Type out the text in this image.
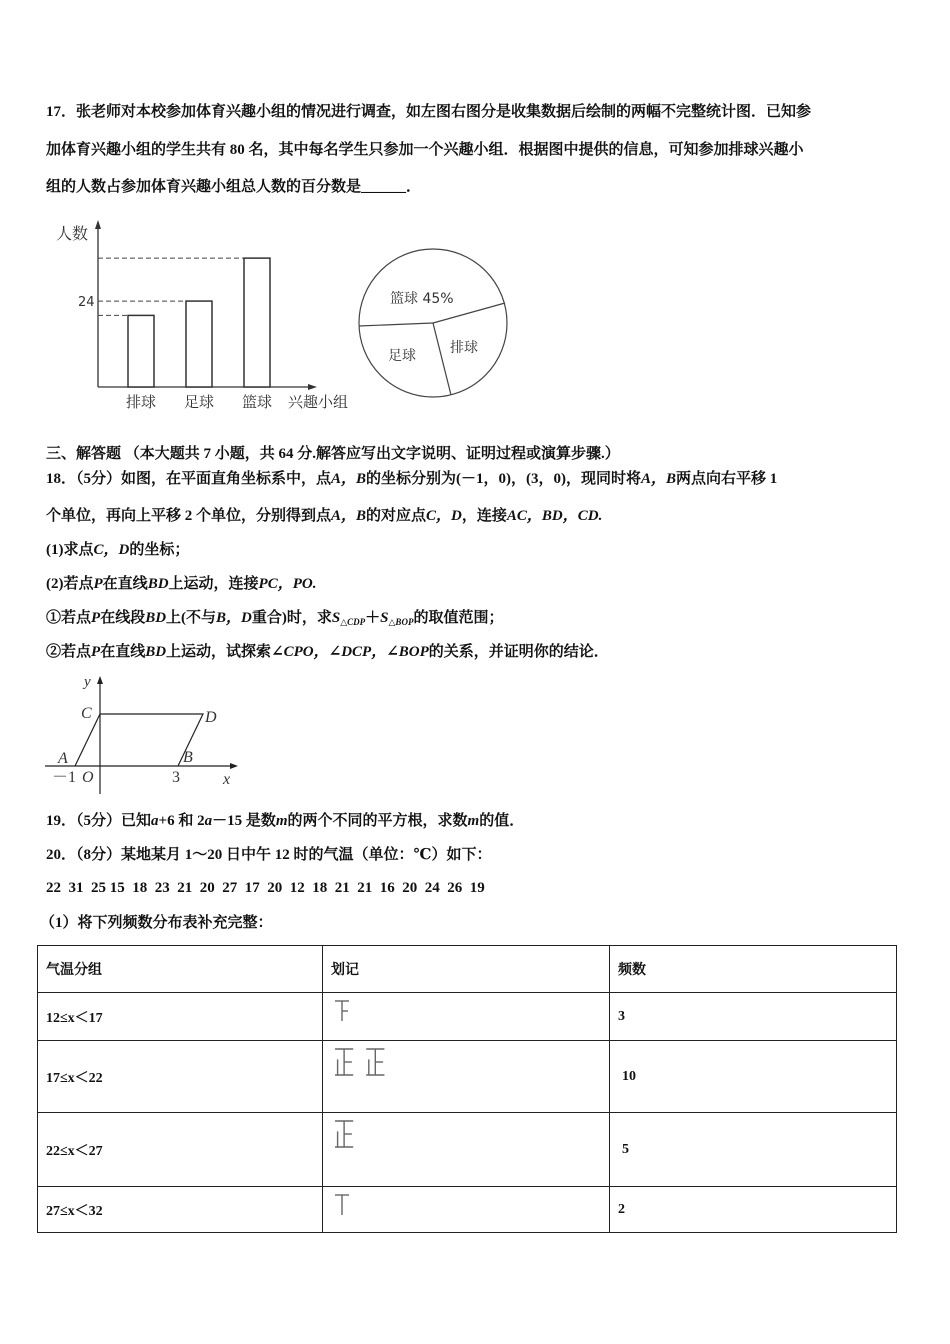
17．张老师对本校参加体育兴趣小组的情况进行调查，如左图右图分是收集数据后绘制的两幅不完整统计图．已知参
加体育兴趣小组的学生共有 80 名，其中每名学生只参加一个兴趣小组．根据图中提供的信息，可知参加排球兴趣小
组的人数占参加体育兴趣小组总人数的百分数是______．
人数
兴趣小组
排球 足球 篮球
24	篮球 45%
排球
足球
三、解答题 （本大题共 7 小题，共 64 分.解答应写出文字说明、证明过程或演算步骤.）
18．（5分）如图，在平面直角坐标系中，点A，B的坐标分别为(－1，0)，(3，0)，现同时将A，B两点向右平移 1
个单位，再向上平移 2 个单位，分别得到点A，B的对应点C，D，连接AC，BD，CD.
(1)求点C，D的坐标；
(2)若点P在直线BD上运动，连接PC，PO.
①若点P在线段BD上(不与B，D重合)时，求$S_{\triangle CDP}+S_{\triangle BOP}$的取值范围；
②若点P在直线BD上运动，试探索∠CPO，∠DCP，∠BOP的关系，并证明你的结论．
y
C	D
A	B
－1 O	3	x
19．（5分）已知a+6 和 2a－15 是数m的两个不同的平方根，求数m的值．
20．（8分）某地某月 1～20 日中午 12 时的气温（单位：℃）如下：
22  31  25 15  18  23  21  20  27  17  20  12  18  21  21  16  20  24  26  19
（1）将下列频数分布表补充完整：
气温分组	划记	频数
12≤x＜17		3
17≤x＜22		10
22≤x＜27		5
27≤x＜32		2
